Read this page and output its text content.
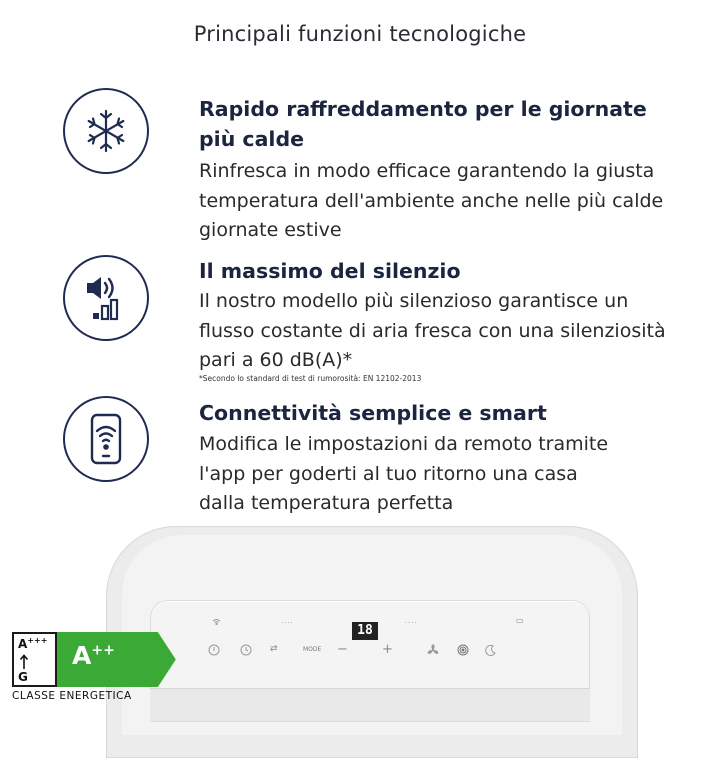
Principali funzioni tecnologiche
Rapido raffreddamento per le giornate
più calde
Rinfresca in modo efficace garantendo la giusta
temperatura dell'ambiente anche nelle più calde
giornate estive
Il massimo del silenzio
Il nostro modello più silenzioso garantisce un
flusso costante di aria fresca con una silenziosità
pari a 60 dB(A)*
*Secondo lo standard di test di rumorosità: EN 12102-2013
Connettività semplice e smart
Modifica le impostazioni da remoto tramite
l'app per goderti al tuo ritorno una casa
dalla temperatura perfetta
• • • •	18	• • • •	▭
⇄	MODE −	+
A+++
G
A++
CLASSE ENERGETICA
